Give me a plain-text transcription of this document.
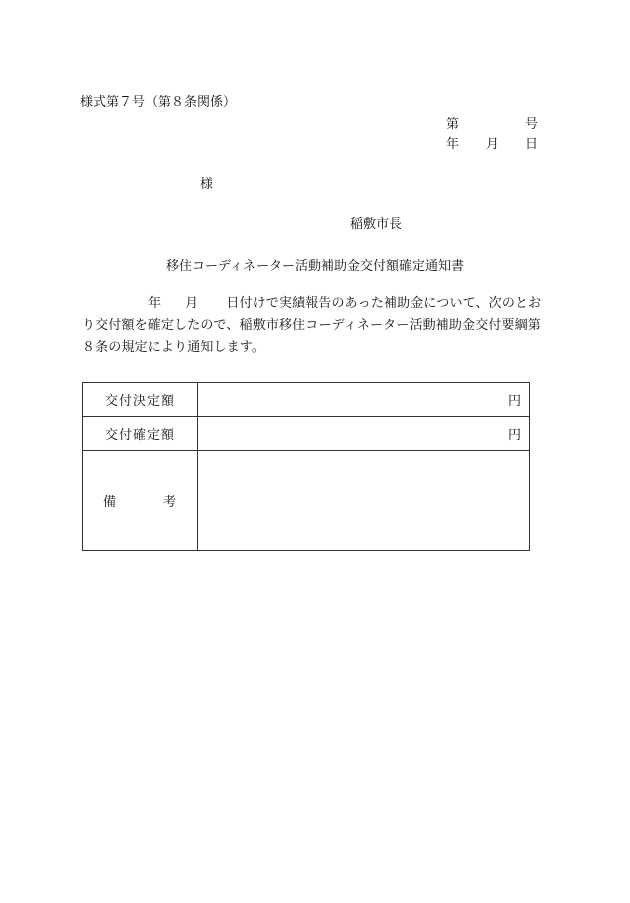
様式第７号（第８条関係）
第	号
年 月 日
様
稲敷市長
移住コーディネーター活動補助金交付額確定通知書
年 月 日付けで実績報告のあった補助金について、次のとお
り交付額を確定したので、稲敷市移住コーディネーター活動補助金交付要綱第
８条の規定により通知します。
交付決定額	円
交付確定額	円

備 考	
